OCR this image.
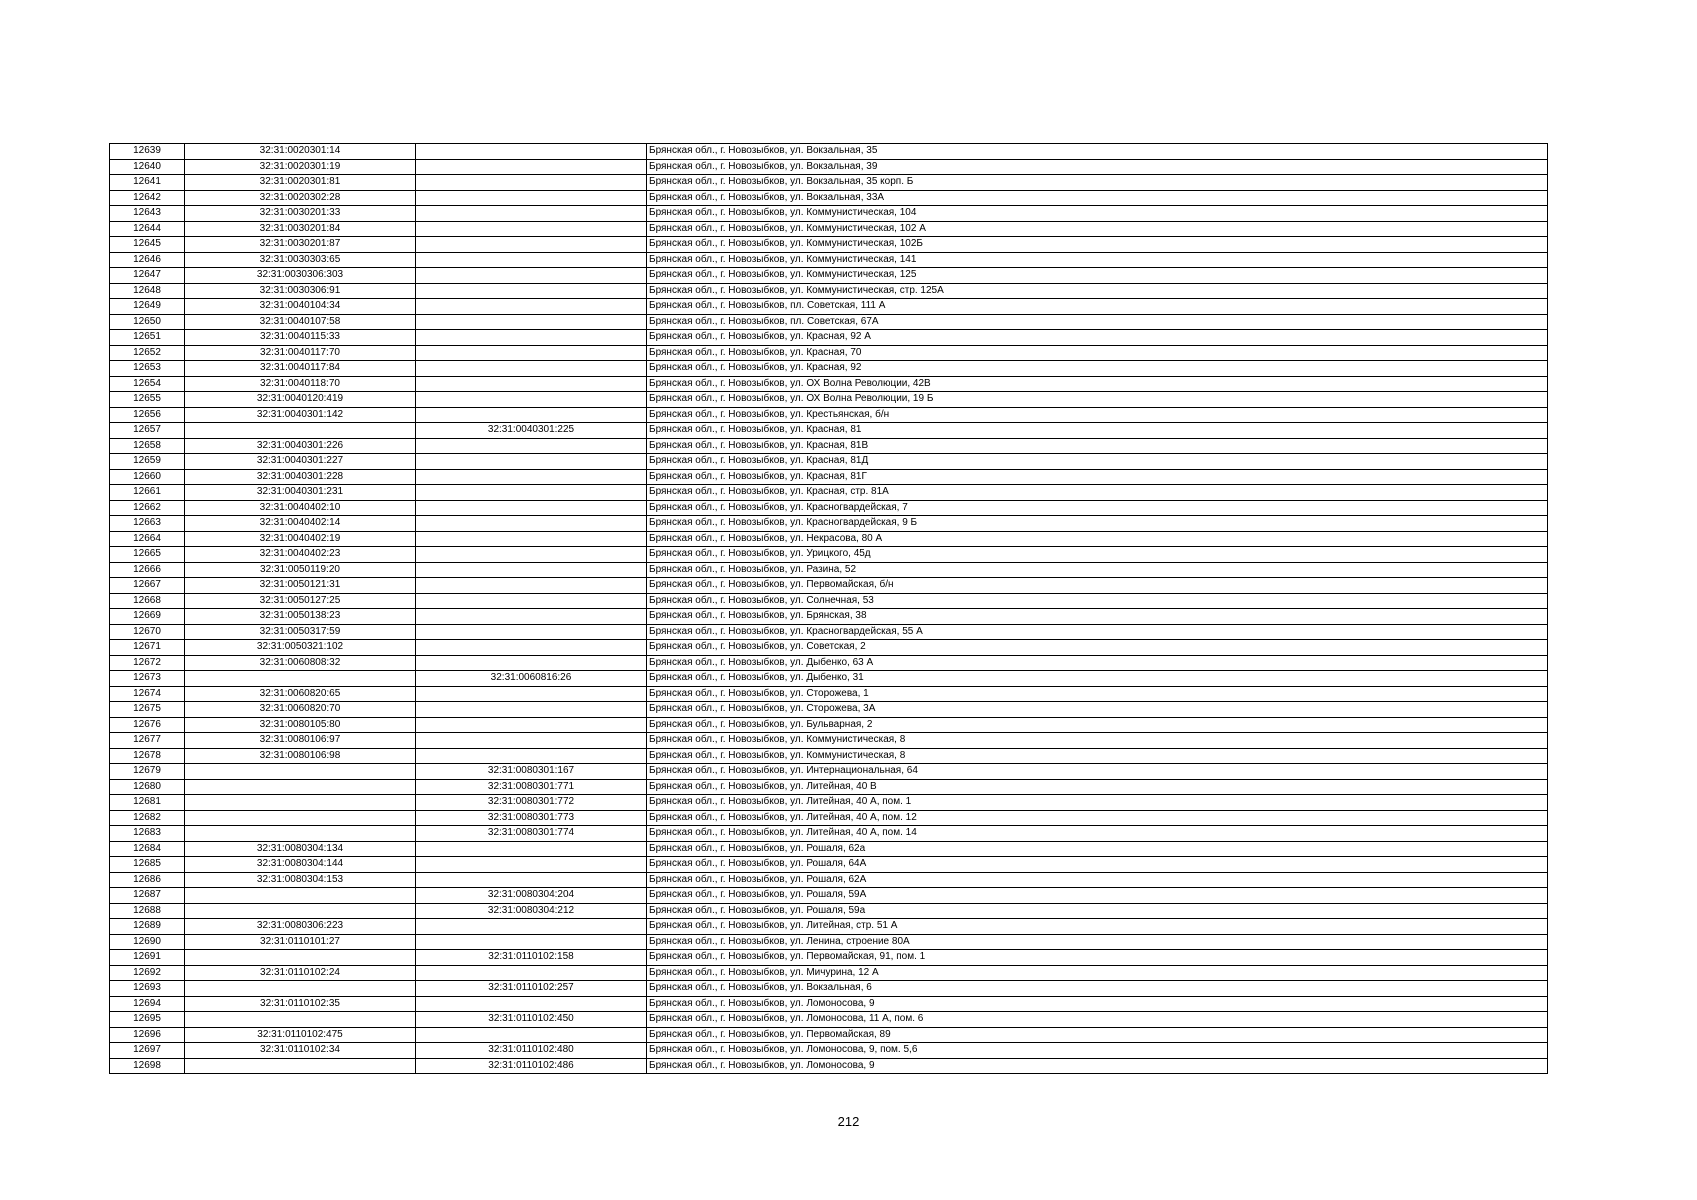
12639	32:31:0020301:14		Брянская обл., г. Новозыбков, ул. Вокзальная, 35
12640	32:31:0020301:19		Брянская обл., г. Новозыбков, ул. Вокзальная, 39
12641	32:31:0020301:81		Брянская обл., г. Новозыбков, ул. Вокзальная, 35 корп. Б
12642	32:31:0020302:28		Брянская обл., г. Новозыбков, ул. Вокзальная, 33А
12643	32:31:0030201:33		Брянская обл., г. Новозыбков, ул. Коммунистическая, 104
12644	32:31:0030201:84		Брянская обл., г. Новозыбков, ул. Коммунистическая, 102 А
12645	32:31:0030201:87		Брянская обл., г. Новозыбков, ул. Коммунистическая, 102Б
12646	32:31:0030303:65		Брянская обл., г. Новозыбков, ул. Коммунистическая, 141
12647	32:31:0030306:303		Брянская обл., г. Новозыбков, ул. Коммунистическая, 125
12648	32:31:0030306:91		Брянская обл., г. Новозыбков, ул. Коммунистическая, стр. 125А
12649	32:31:0040104:34		Брянская обл., г. Новозыбков, пл. Советская, 111 А
12650	32:31:0040107:58		Брянская обл., г. Новозыбков, пл. Советская, 67А
12651	32:31:0040115:33		Брянская обл., г. Новозыбков, ул. Красная, 92 А
12652	32:31:0040117:70		Брянская обл., г. Новозыбков, ул. Красная, 70
12653	32:31:0040117:84		Брянская обл., г. Новозыбков, ул. Красная, 92
12654	32:31:0040118:70		Брянская обл., г. Новозыбков, ул. ОХ Волна Революции, 42В
12655	32:31:0040120:419		Брянская обл., г. Новозыбков, ул. ОХ Волна Революции, 19 Б
12656	32:31:0040301:142		Брянская обл., г. Новозыбков, ул. Крестьянская, б/н
12657		32:31:0040301:225	Брянская обл., г. Новозыбков, ул. Красная, 81
12658	32:31:0040301:226		Брянская обл., г. Новозыбков, ул. Красная, 81В
12659	32:31:0040301:227		Брянская обл., г. Новозыбков, ул. Красная, 81Д
12660	32:31:0040301:228		Брянская обл., г. Новозыбков, ул. Красная, 81Г
12661	32:31:0040301:231		Брянская обл., г. Новозыбков, ул. Красная, стр. 81А
12662	32:31:0040402:10		Брянская обл., г. Новозыбков, ул. Красногвардейская, 7
12663	32:31:0040402:14		Брянская обл., г. Новозыбков, ул. Красногвардейская, 9 Б
12664	32:31:0040402:19		Брянская обл., г. Новозыбков, ул. Некрасова, 80 А
12665	32:31:0040402:23		Брянская обл., г. Новозыбков, ул. Урицкого, 45д
12666	32:31:0050119:20		Брянская обл., г. Новозыбков, ул. Разина, 52
12667	32:31:0050121:31		Брянская обл., г. Новозыбков, ул. Первомайская, б/н
12668	32:31:0050127:25		Брянская обл., г. Новозыбков, ул. Солнечная, 53
12669	32:31:0050138:23		Брянская обл., г. Новозыбков, ул. Брянская, 38
12670	32:31:0050317:59		Брянская обл., г. Новозыбков, ул. Красногвардейская, 55 А
12671	32:31:0050321:102		Брянская обл., г. Новозыбков, ул. Советская, 2
12672	32:31:0060808:32		Брянская обл., г. Новозыбков, ул. Дыбенко, 63 А
12673		32:31:0060816:26	Брянская обл., г. Новозыбков, ул. Дыбенко, 31
12674	32:31:0060820:65		Брянская обл., г. Новозыбков, ул. Сторожева, 1
12675	32:31:0060820:70		Брянская обл., г. Новозыбков, ул. Сторожева, 3А
12676	32:31:0080105:80		Брянская обл., г. Новозыбков, ул. Бульварная, 2
12677	32:31:0080106:97		Брянская обл., г. Новозыбков, ул. Коммунистическая, 8
12678	32:31:0080106:98		Брянская обл., г. Новозыбков, ул. Коммунистическая, 8
12679		32:31:0080301:167	Брянская обл., г. Новозыбков, ул. Интернациональная, 64
12680		32:31:0080301:771	Брянская обл., г. Новозыбков, ул. Литейная, 40 В
12681		32:31:0080301:772	Брянская обл., г. Новозыбков, ул. Литейная, 40 А, пом. 1
12682		32:31:0080301:773	Брянская обл., г. Новозыбков, ул. Литейная, 40 А, пом. 12
12683		32:31:0080301:774	Брянская обл., г. Новозыбков, ул. Литейная, 40 А, пом. 14
12684	32:31:0080304:134		Брянская обл., г. Новозыбков, ул. Рошаля, 62а
12685	32:31:0080304:144		Брянская обл., г. Новозыбков, ул. Рошаля, 64А
12686	32:31:0080304:153		Брянская обл., г. Новозыбков, ул. Рошаля, 62А
12687		32:31:0080304:204	Брянская обл., г. Новозыбков, ул. Рошаля, 59А
12688		32:31:0080304:212	Брянская обл., г. Новозыбков, ул. Рошаля, 59а
12689	32:31:0080306:223		Брянская обл., г. Новозыбков, ул. Литейная, стр. 51 А
12690	32:31:0110101:27		Брянская обл., г. Новозыбков, ул. Ленина, строение 80А
12691		32:31:0110102:158	Брянская обл., г. Новозыбков, ул. Первомайская, 91, пом. 1
12692	32:31:0110102:24		Брянская обл., г. Новозыбков, ул. Мичурина, 12 А
12693		32:31:0110102:257	Брянская обл., г. Новозыбков, ул. Вокзальная, 6
12694	32:31:0110102:35		Брянская обл., г. Новозыбков, ул. Ломоносова, 9
12695		32:31:0110102:450	Брянская обл., г. Новозыбков, ул. Ломоносова, 11 А, пом. 6
12696	32:31:0110102:475		Брянская обл., г. Новозыбков, ул. Первомайская, 89
12697	32:31:0110102:34	32:31:0110102:480	Брянская обл., г. Новозыбков, ул. Ломоносова, 9, пом. 5,6
12698		32:31:0110102:486	Брянская обл., г. Новозыбков, ул. Ломоносова, 9
212
